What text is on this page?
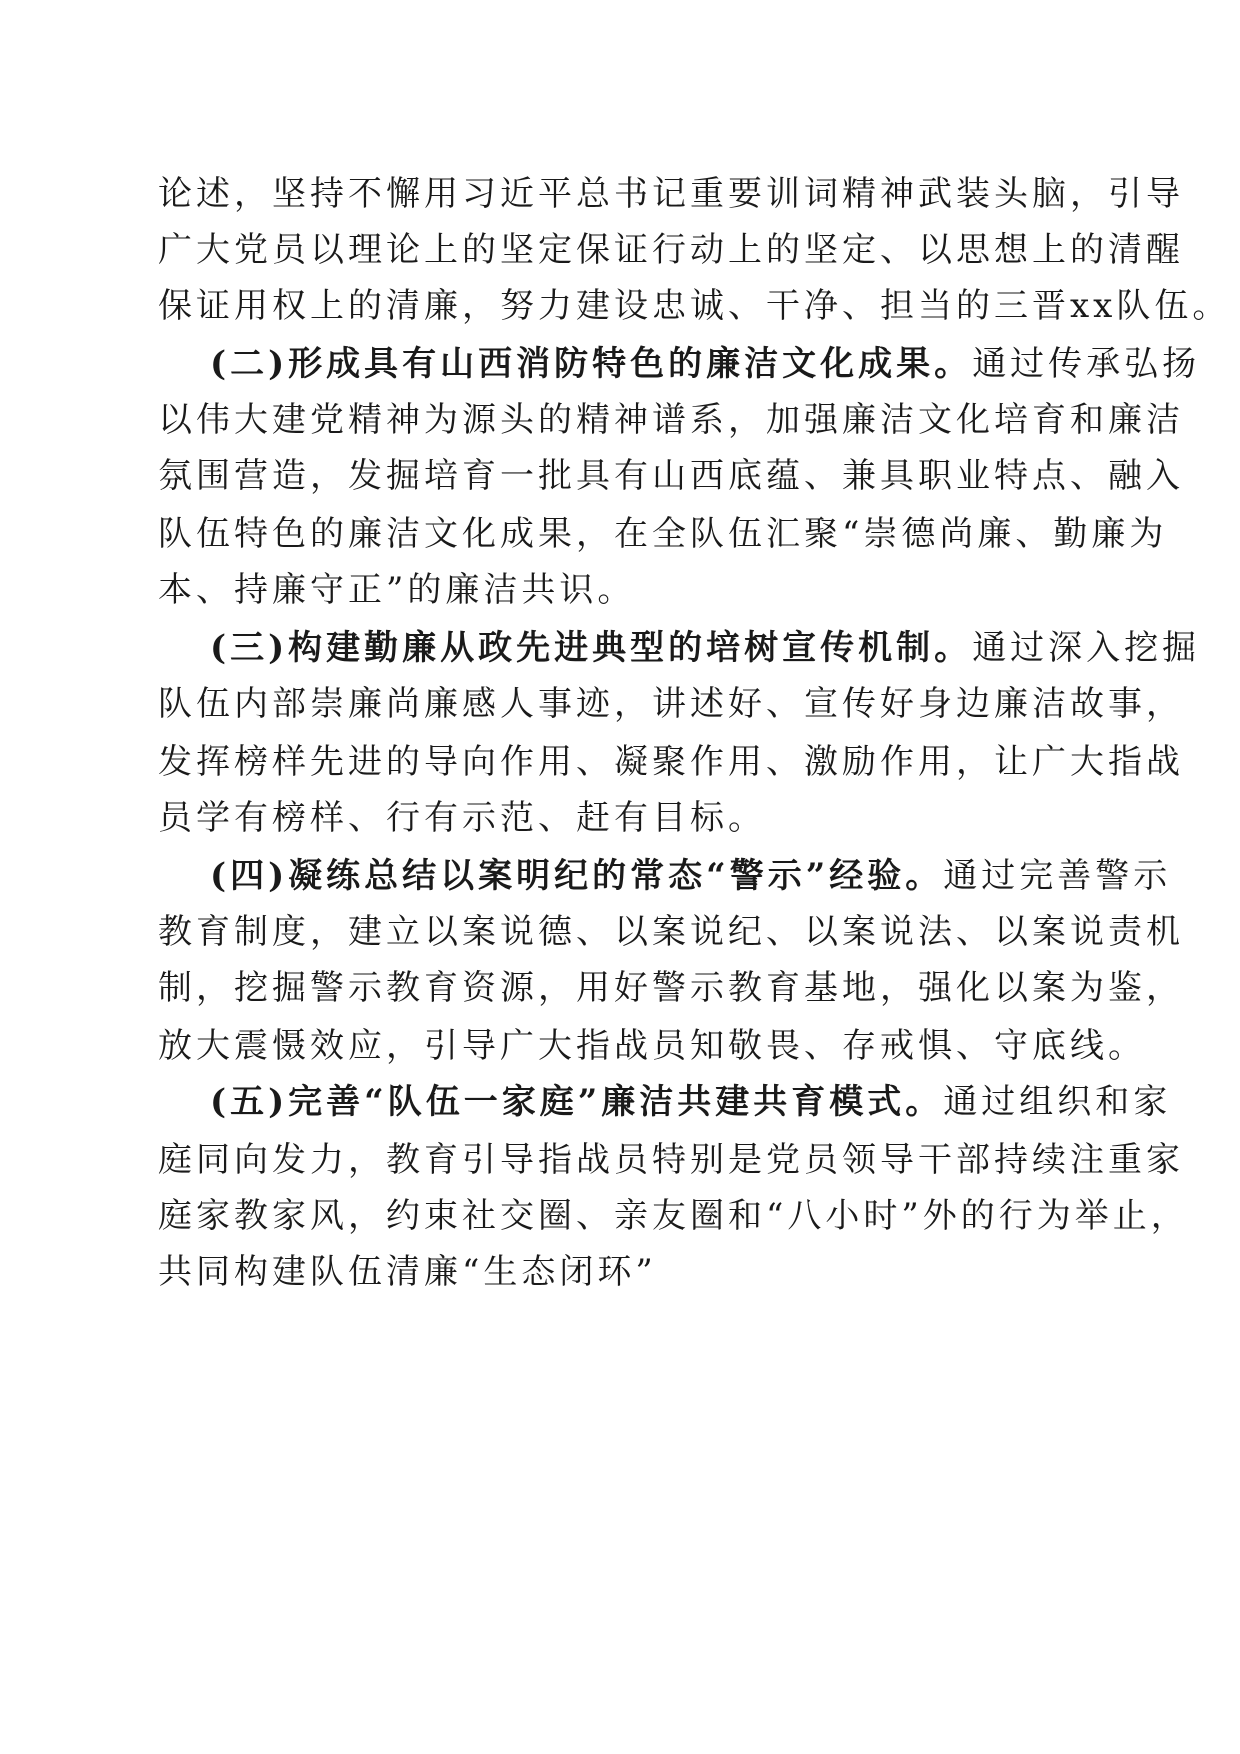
论述，坚持不懈用习近平总书记重要训词精神武装头脑，引导
广大党员以理论上的坚定保证行动上的坚定、以思想上的清醒
保证用权上的清廉，努力建设忠诚、干净、担当的三晋xx队伍。
(二)形成具有山西消防特色的廉洁文化成果。通过传承弘扬
以伟大建党精神为源头的精神谱系，加强廉洁文化培育和廉洁
氛围营造，发掘培育一批具有山西底蕴、兼具职业特点、融入
队伍特色的廉洁文化成果，在全队伍汇聚“崇德尚廉、勤廉为
本、持廉守正”的廉洁共识。
(三)构建勤廉从政先进典型的培树宣传机制。通过深入挖掘
队伍内部崇廉尚廉感人事迹，讲述好、宣传好身边廉洁故事，
发挥榜样先进的导向作用、凝聚作用、激励作用，让广大指战
员学有榜样、行有示范、赶有目标。
(四)凝练总结以案明纪的常态“警示”经验。通过完善警示
教育制度，建立以案说德、以案说纪、以案说法、以案说责机
制，挖掘警示教育资源，用好警示教育基地，强化以案为鉴，
放大震慑效应，引导广大指战员知敬畏、存戒惧、守底线。
(五)完善“队伍一家庭”廉洁共建共育模式。通过组织和家
庭同向发力，教育引导指战员特别是党员领导干部持续注重家
庭家教家风，约束社交圈、亲友圈和“八小时”外的行为举止，
共同构建队伍清廉“生态闭环”
